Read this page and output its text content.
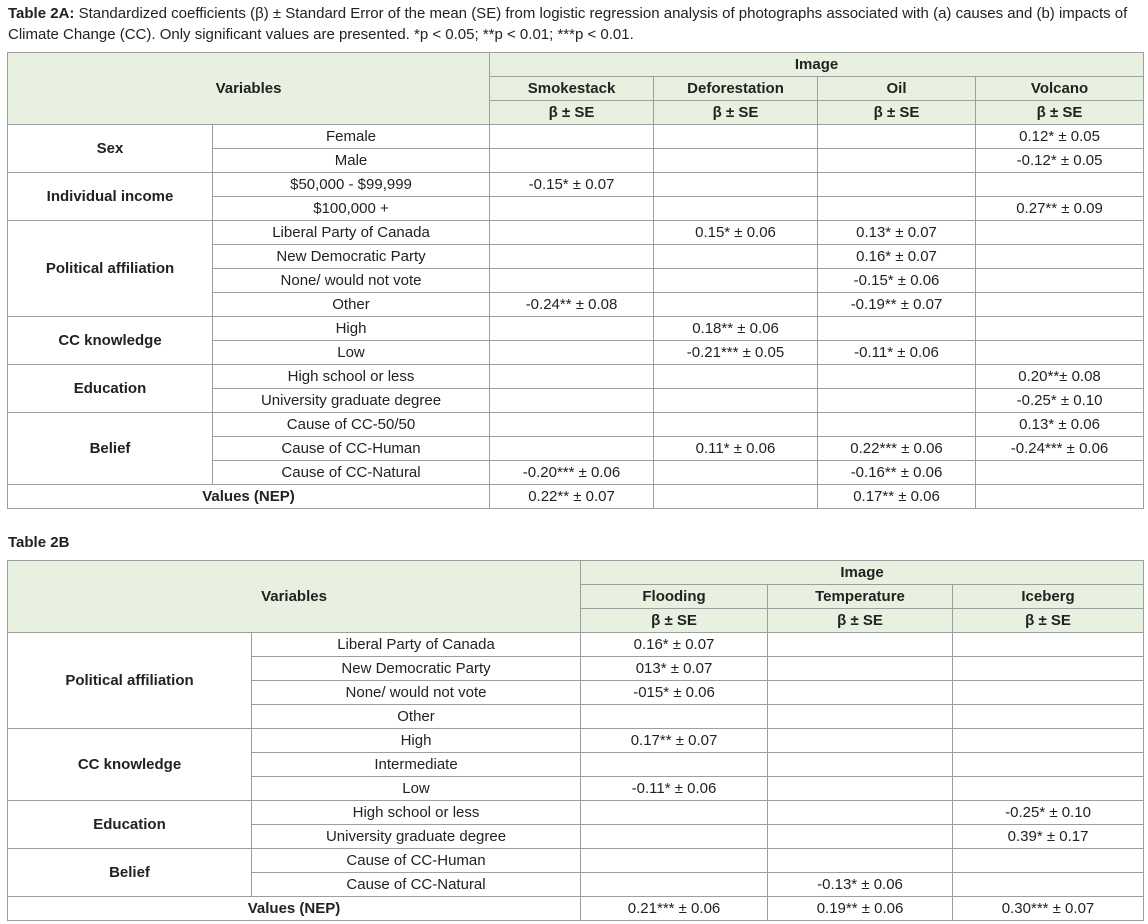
Table 2A: Standardized coefficients (β) ± Standard Error of the mean (SE) from logistic regression analysis of photographs associated with (a) causes and (b) impacts of Climate Change (CC). Only significant values are presented. *p < 0.05; **p < 0.01; ***p < 0.01.
Variables		Image			
		Smokestack	Deforestation	Oil	Volcano
		β ± SE	β ± SE	β ± SE	β ± SE
Sex	Female				0.12* ± 0.05
	Male				-0.12* ± 0.05
Individual income	$50,000 - $99,999	-0.15* ± 0.07			
	$100,000 +				0.27** ± 0.09
Political affiliation	Liberal Party of Canada		0.15* ± 0.06	0.13* ± 0.07	
	New Democratic Party			0.16* ± 0.07	
	None/ would not vote			-0.15* ± 0.06	
	Other	-0.24** ± 0.08		-0.19** ± 0.07	
CC knowledge	High		0.18** ± 0.06		
	Low		-0.21*** ± 0.05	-0.11* ± 0.06	
Education	High school or less				0.20**± 0.08
	University graduate degree				-0.25* ± 0.10
Belief	Cause of CC-50/50				0.13* ± 0.06
	Cause of CC-Human		0.11* ± 0.06	0.22*** ± 0.06	-0.24*** ± 0.06
	Cause of CC-Natural	-0.20*** ± 0.06		-0.16** ± 0.06	
Values (NEP)		0.22** ± 0.07		0.17** ± 0.06	
Table 2B
Variables		Image		
		Flooding	Temperature	Iceberg
		β ± SE	β ± SE	β ± SE
Political affiliation	Liberal Party of Canada	0.16* ± 0.07		
	New Democratic Party	013* ± 0.07		
	None/ would not vote	-015* ± 0.06		
	Other			
CC knowledge	High	0.17** ± 0.07		
	Intermediate			
	Low	-0.11* ± 0.06		
Education	High school or less			-0.25* ± 0.10
	University graduate degree			0.39* ± 0.17
Belief	Cause of CC-Human			
	Cause of CC-Natural		-0.13* ± 0.06	
Values (NEP)		0.21*** ± 0.06	0.19** ± 0.06	0.30*** ± 0.07
